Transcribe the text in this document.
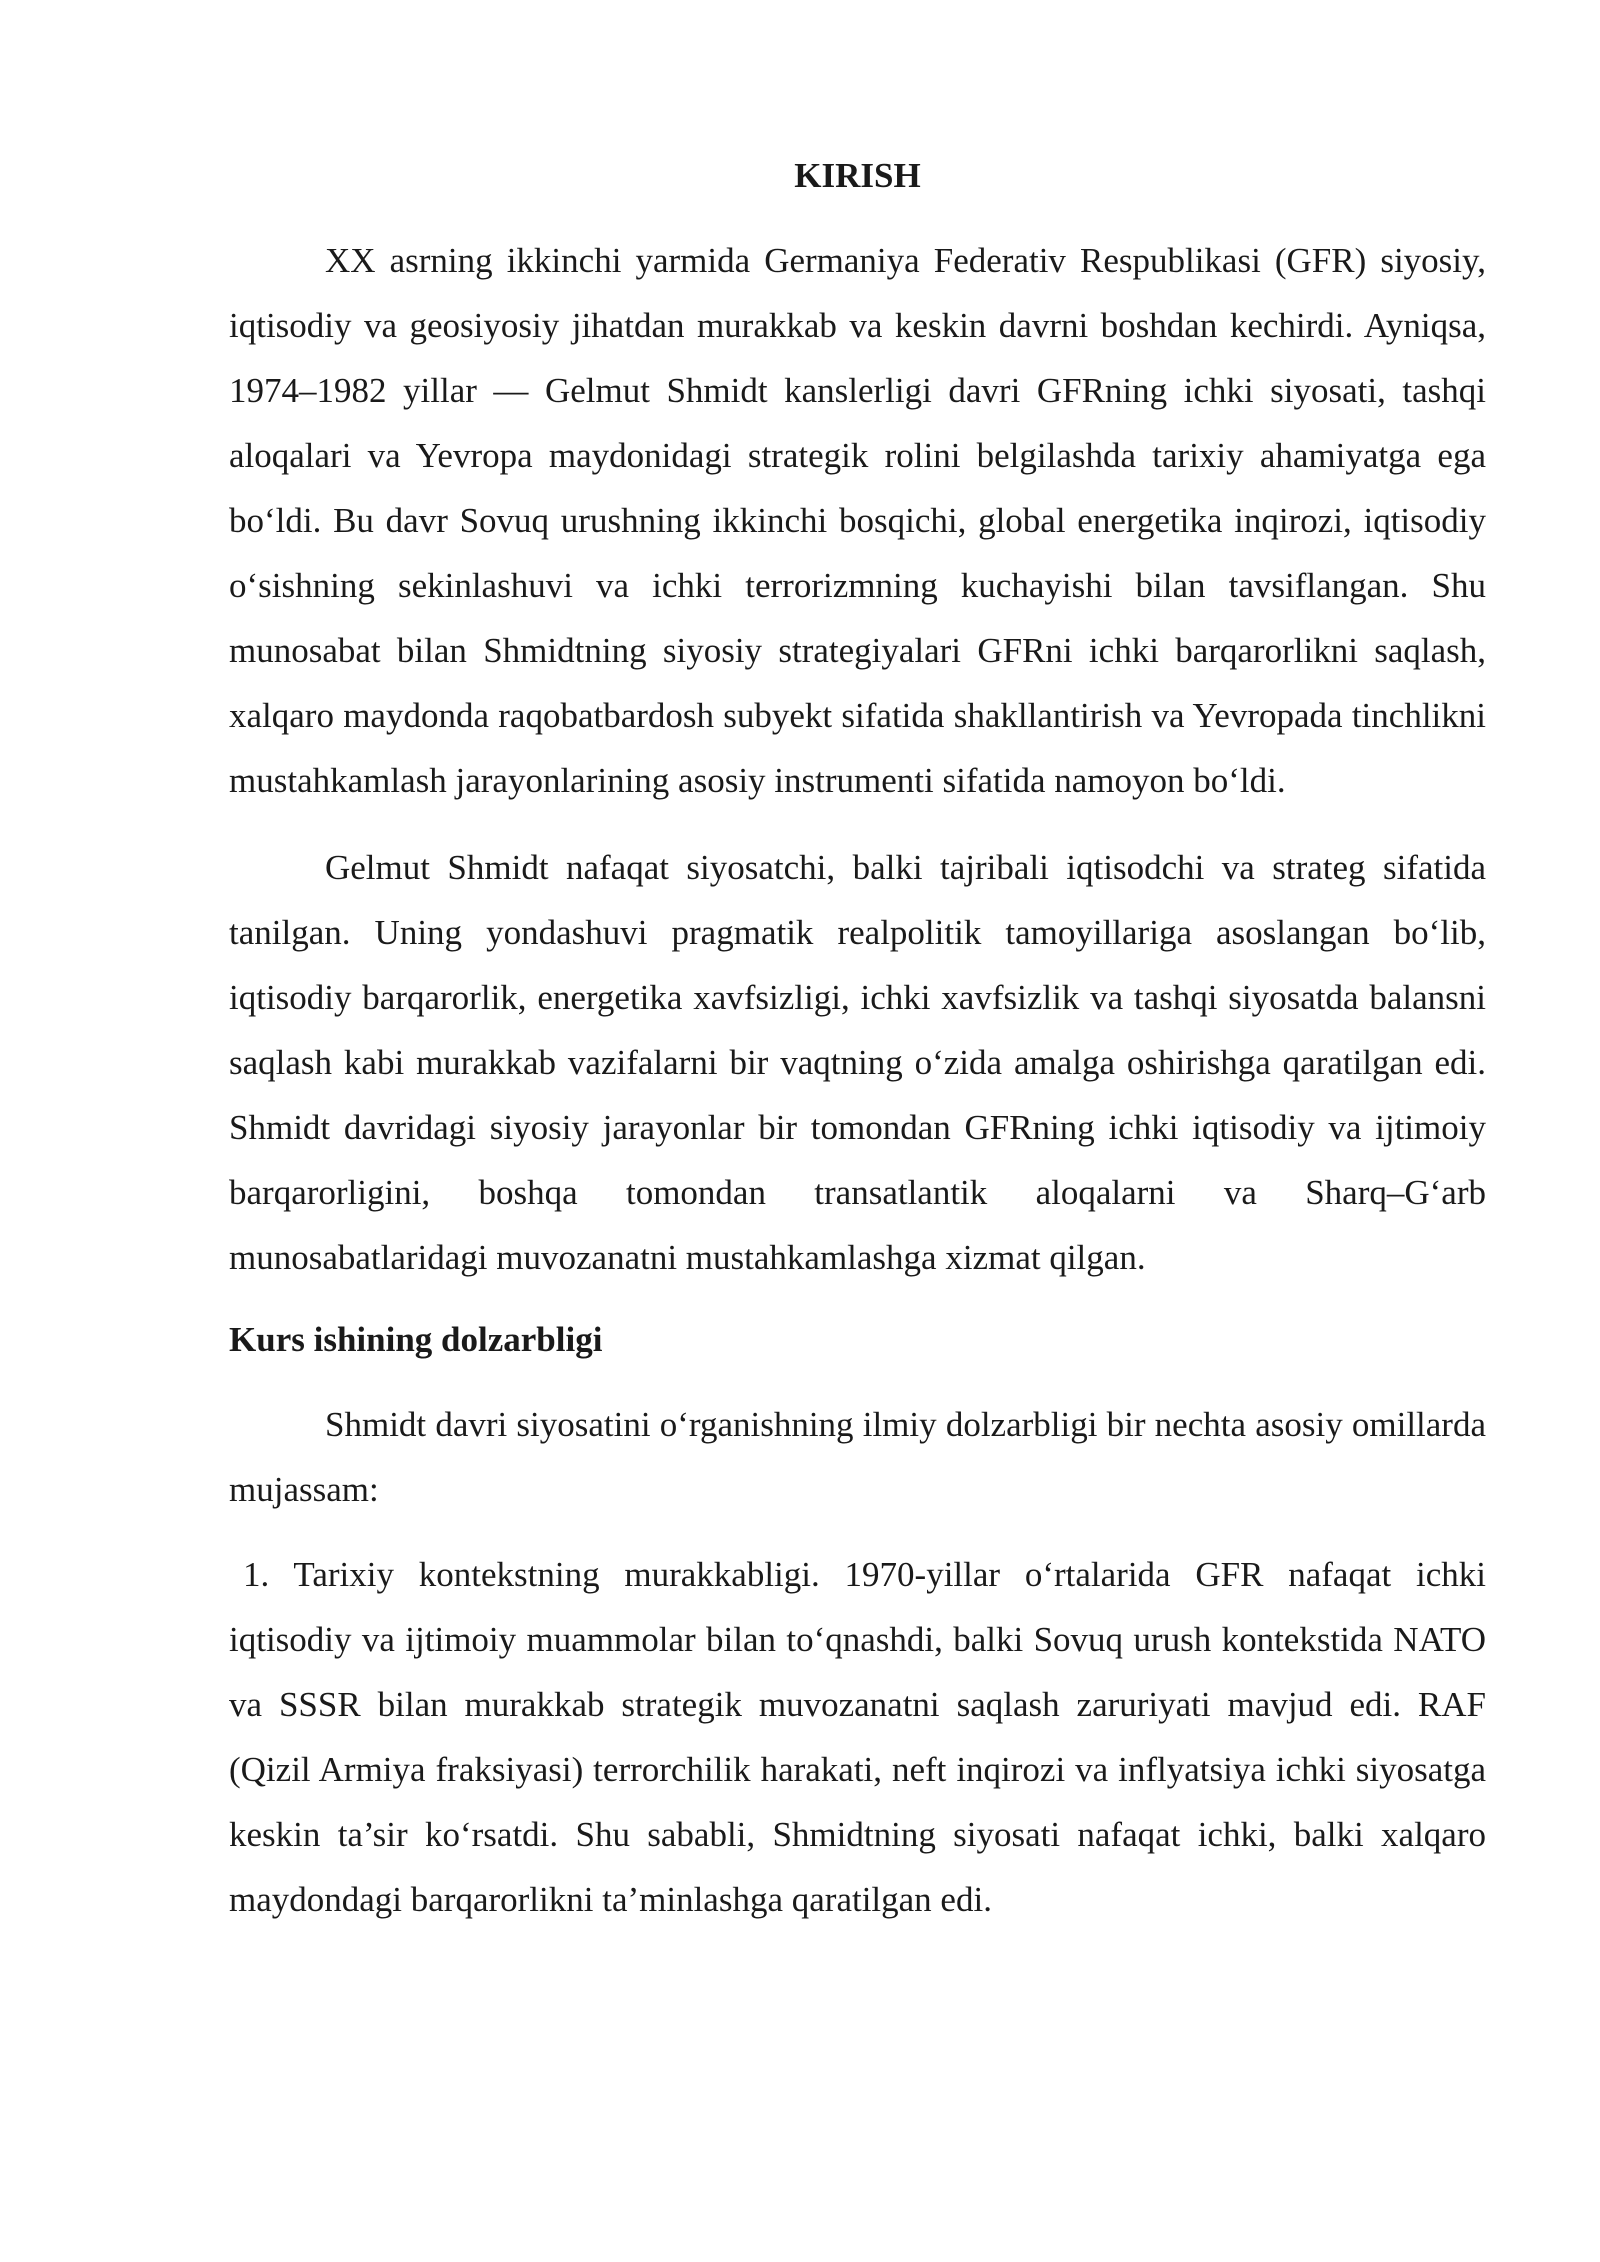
KIRISH

XX asrning ikkinchi yarmida Germaniya Federativ Respublikasi (GFR) siyosiy, iqtisodiy va geosiyosiy jihatdan murakkab va keskin davrni boshdan kechirdi. Ayniqsa, 1974–1982 yillar — Gelmut Shmidt kanslerligi davri GFRning ichki siyosati, tashqi aloqalari va Yevropa maydonidagi strategik rolini belgilashda tarixiy ahamiyatga ega bo‘ldi. Bu davr Sovuq urushning ikkinchi bosqichi, global energetika inqirozi, iqtisodiy o‘sishning sekinlashuvi va ichki terrorizmning kuchayishi bilan tavsiflangan. Shu munosabat bilan Shmidtning siyosiy strategiyalari GFRni ichki barqarorlikni saqlash, xalqaro maydonda raqobatbardosh subyekt sifatida shakllantirish va Yevropada tinchlikni mustahkamlash jarayonlarining asosiy instrumenti sifatida namoyon bo‘ldi.

Gelmut Shmidt nafaqat siyosatchi, balki tajribali iqtisodchi va strateg sifatida tanilgan. Uning yondashuvi pragmatik realpolitik tamoyillariga asoslangan bo‘lib, iqtisodiy barqarorlik, energetika xavfsizligi, ichki xavfsizlik va tashqi siyosatda balansni saqlash kabi murakkab vazifalarni bir vaqtning o‘zida amalga oshirishga qaratilgan edi. Shmidt davridagi siyosiy jarayonlar bir tomondan GFRning ichki iqtisodiy va ijtimoiy barqarorligini, boshqa tomondan transatlantik aloqalarni va Sharq–G‘arb munosabatlaridagi muvozanatni mustahkamlashga xizmat qilgan.

Kurs ishining dolzarbligi

Shmidt davri siyosatini o‘rganishning ilmiy dolzarbligi bir nechta asosiy omillarda mujassam:

1. Tarixiy kontekstning murakkabligi. 1970-yillar o‘rtalarida GFR nafaqat ichki iqtisodiy va ijtimoiy muammolar bilan to‘qnashdi, balki Sovuq urush kontekstida NATO va SSSR bilan murakkab strategik muvozanatni saqlash zaruriyati mavjud edi. RAF (Qizil Armiya fraksiyasi) terrorchilik harakati, neft inqirozi va inflyatsiya ichki siyosatga keskin ta’sir ko‘rsatdi. Shu sababli, Shmidtning siyosati nafaqat ichki, balki xalqaro maydondagi barqarorlikni ta’minlashga qaratilgan edi.
